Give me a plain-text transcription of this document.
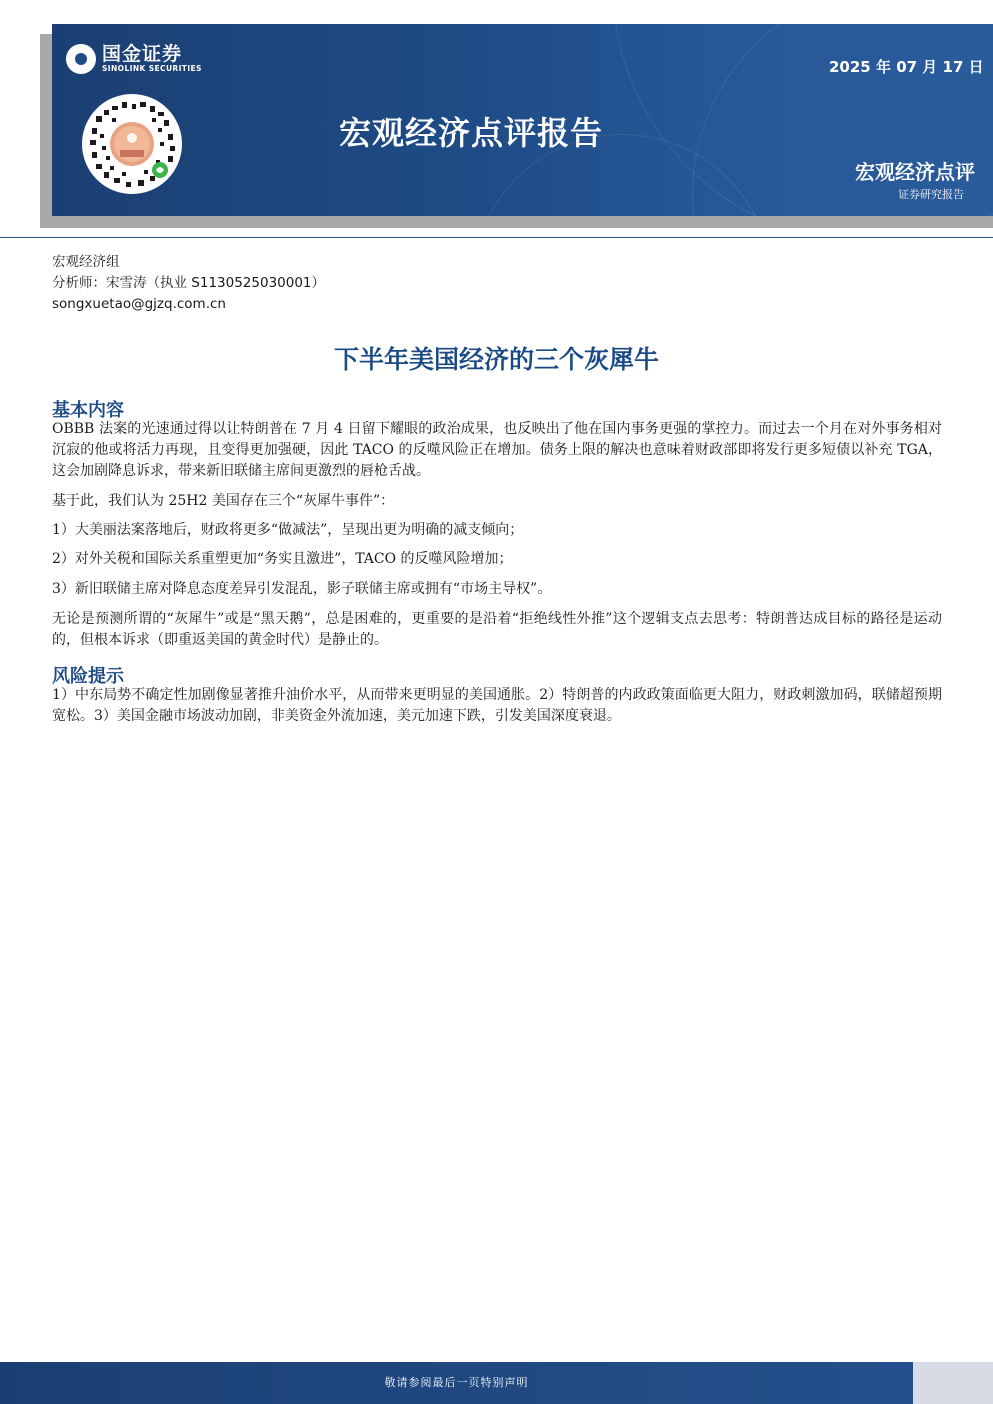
国金证券
SINOLINK SECURITIES	2025 年 07 月 17 日
宏观经济点评报告
宏观经济点评
证券研究报告
宏观经济组
分析师：宋雪涛（执业 S1130525030001）
songxuetao@gjzq.com.cn
下半年美国经济的三个灰犀牛
基本内容
OBBB 法案的光速通过得以让特朗普在 7 月 4 日留下耀眼的政治成果，也反映出了他在国内事务更强的掌控力。而过去一个月在对外事务相对沉寂的他或将活力再现，且变得更加强硬，因此 TACO 的反噬风险正在增加。债务上限的解决也意味着财政部即将发行更多短债以补充 TGA，这会加剧降息诉求，带来新旧联储主席间更激烈的唇枪舌战。
基于此，我们认为 25H2 美国存在三个“灰犀牛事件”：
1）大美丽法案落地后，财政将更多“做减法”，呈现出更为明确的减支倾向；
2）对外关税和国际关系重塑更加“务实且激进”，TACO 的反噬风险增加；
3）新旧联储主席对降息态度差异引发混乱，影子联储主席或拥有“市场主导权”。
无论是预测所谓的“灰犀牛”或是“黑天鹅”，总是困难的，更重要的是沿着“拒绝线性外推”这个逻辑支点去思考：特朗普达成目标的路径是运动的，但根本诉求（即重返美国的黄金时代）是静止的。
风险提示
1）中东局势不确定性加剧像显著推升油价水平，从而带来更明显的美国通胀。2）特朗普的内政政策面临更大阻力，财政刺激加码，联储超预期宽松。3）美国金融市场波动加剧，非美资金外流加速，美元加速下跌，引发美国深度衰退。
敬请参阅最后一页特别声明
